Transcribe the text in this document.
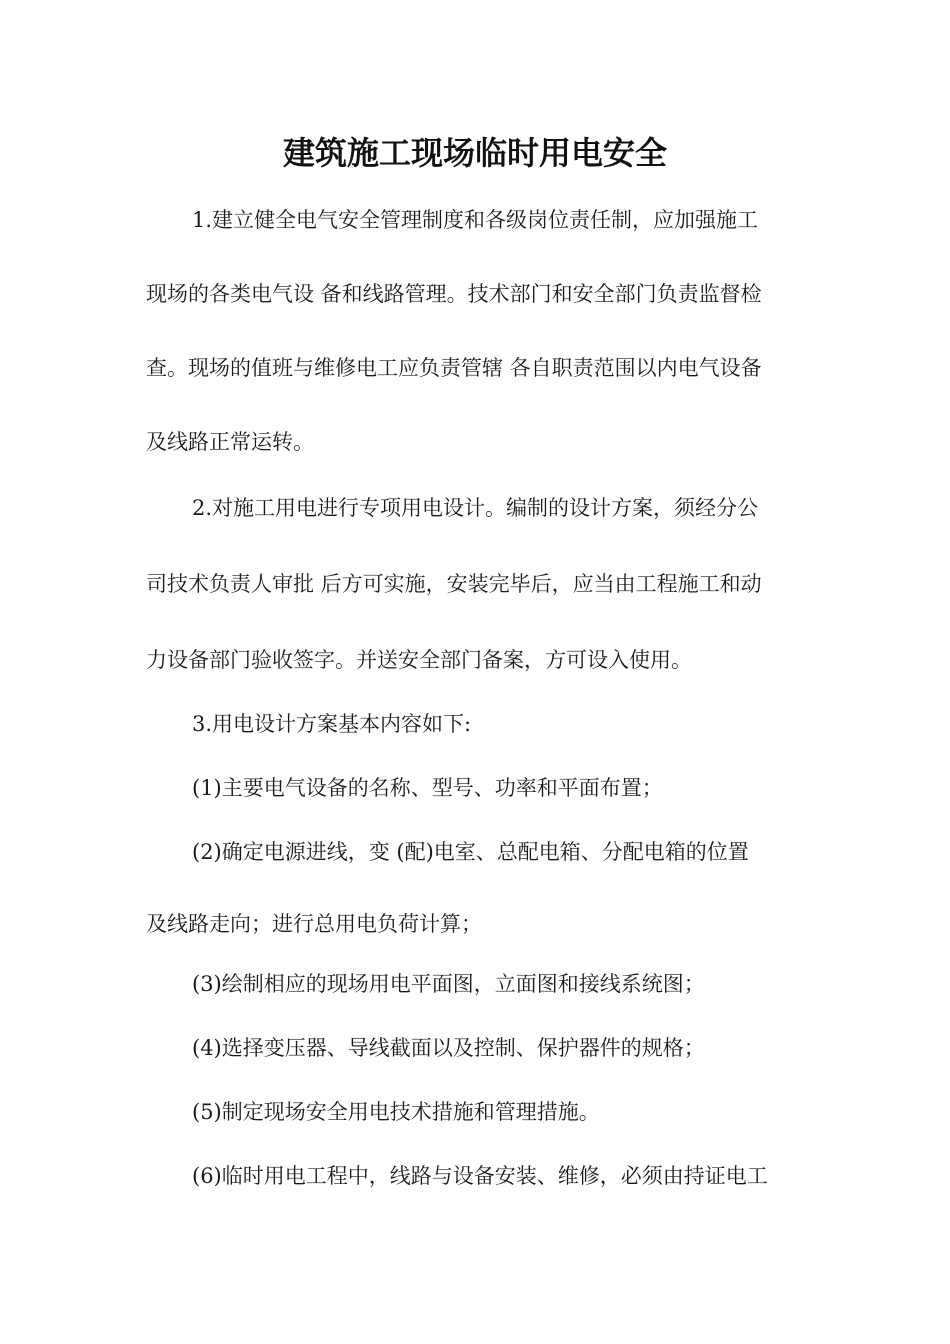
建筑施工现场临时用电安全
1.建立健全电气安全管理制度和各级岗位责任制，应加强施工
现场的各类电气设 备和线路管理。技术部门和安全部门负责监督检
查。现场的值班与维修电工应负责管辖 各自职责范围以内电气设备
及线路正常运转。
2.对施工用电进行专项用电设计。编制的设计方案，须经分公
司技术负责人审批 后方可实施，安装完毕后，应当由工程施工和动
力设备部门验收签字。并送安全部门备案，方可设入使用。
3.用电设计方案基本内容如下:
(1)主要电气设备的名称、型号、功率和平面布置；
(2)确定电源进线，变 (配)电室、总配电箱、分配电箱的位置
及线路走向；进行总用电负荷计算；
(3)绘制相应的现场用电平面图，立面图和接线系统图；
(4)选择变压器、导线截面以及控制、保护器件的规格；
(5)制定现场安全用电技术措施和管理措施。
(6)临时用电工程中，线路与设备安装、维修，必须由持证电工
